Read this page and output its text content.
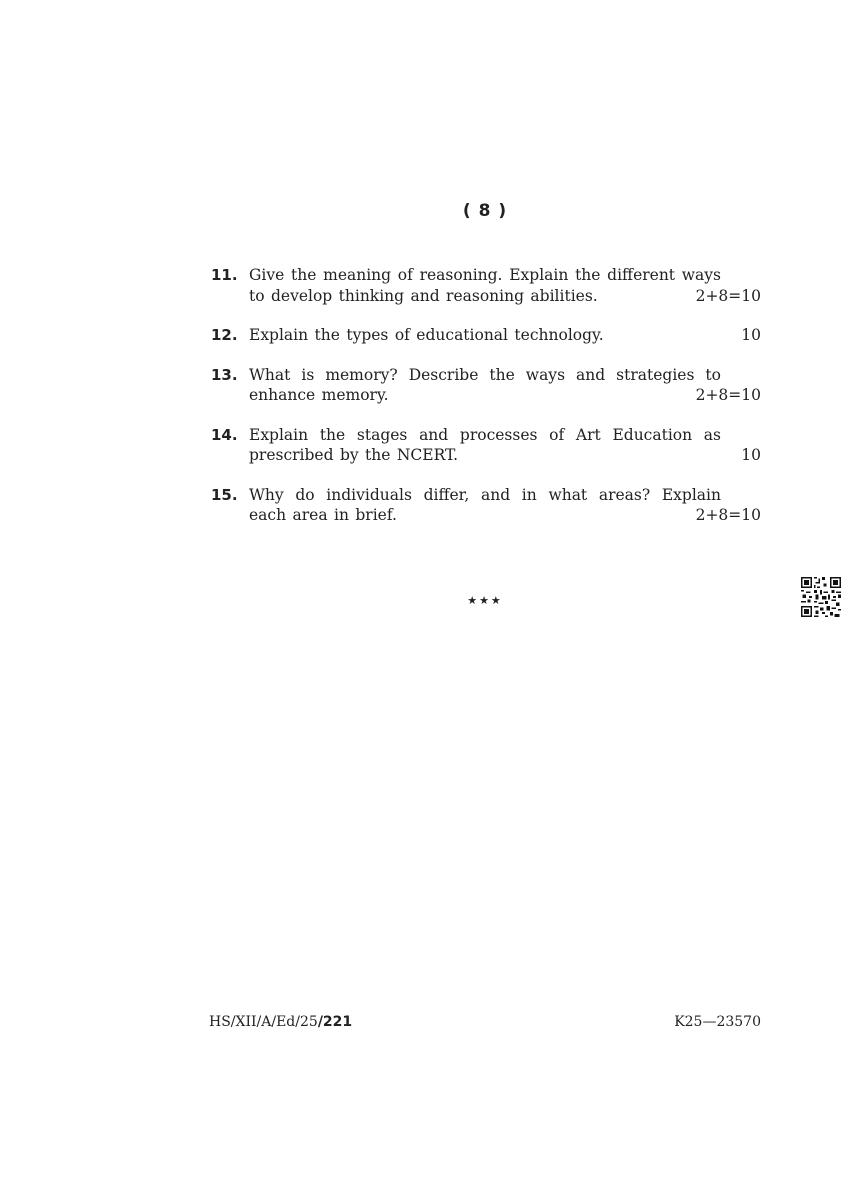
( 8 )
11. Give the meaning of reasoning. Explain the different ways
to develop thinking and reasoning abilities.	2+8=10
12. Explain the types of educational technology.	10
13. What is memory? Describe the ways and strategies to
enhance memory.	2+8=10
14. Explain the stages and processes of Art Education as
prescribed by the NCERT.	10
15. Why do individuals differ, and in what areas? Explain
each area in brief.	2+8=10
★★★
HS/XII/A/Ed/25/221	K25—23570
